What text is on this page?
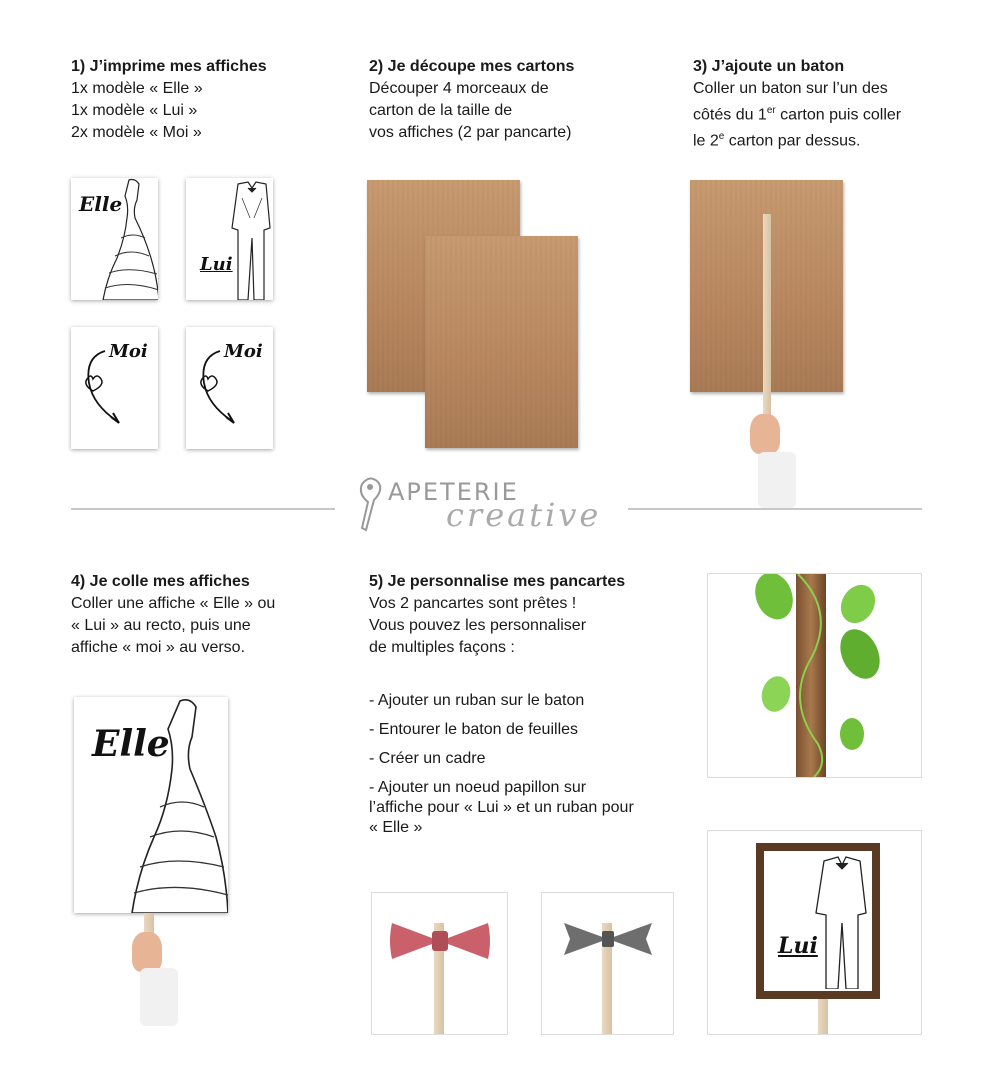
1) J’imprime mes affiches

1x modèle « Elle »

1x modèle « Lui »

2x modèle « Moi »

Elle
Lui
Moi	Moi
2) Je découpe mes cartons

Découper 4 morceaux de

carton de la taille de

vos affiches (2 par pancarte)

3) J’ajoute un baton

Coller un baton sur l’un des

côtés du 1er carton puis coller

le 2e carton par dessus.

APETERIE
creative
4) Je colle mes affiches

Coller une affiche « Elle » ou

« Lui » au recto, puis une

affiche « moi » au verso.

Elle
5) Je personnalise mes pancartes

Vos 2 pancartes sont prêtes !

Vous pouvez les personnaliser

de multiples façons :

- Ajouter un ruban sur le baton
- Entourer le baton de feuilles
- Créer un cadre
- Ajouter un noeud papillon sur l’affiche pour « Lui » et un ruban pour « Elle »
Lui
